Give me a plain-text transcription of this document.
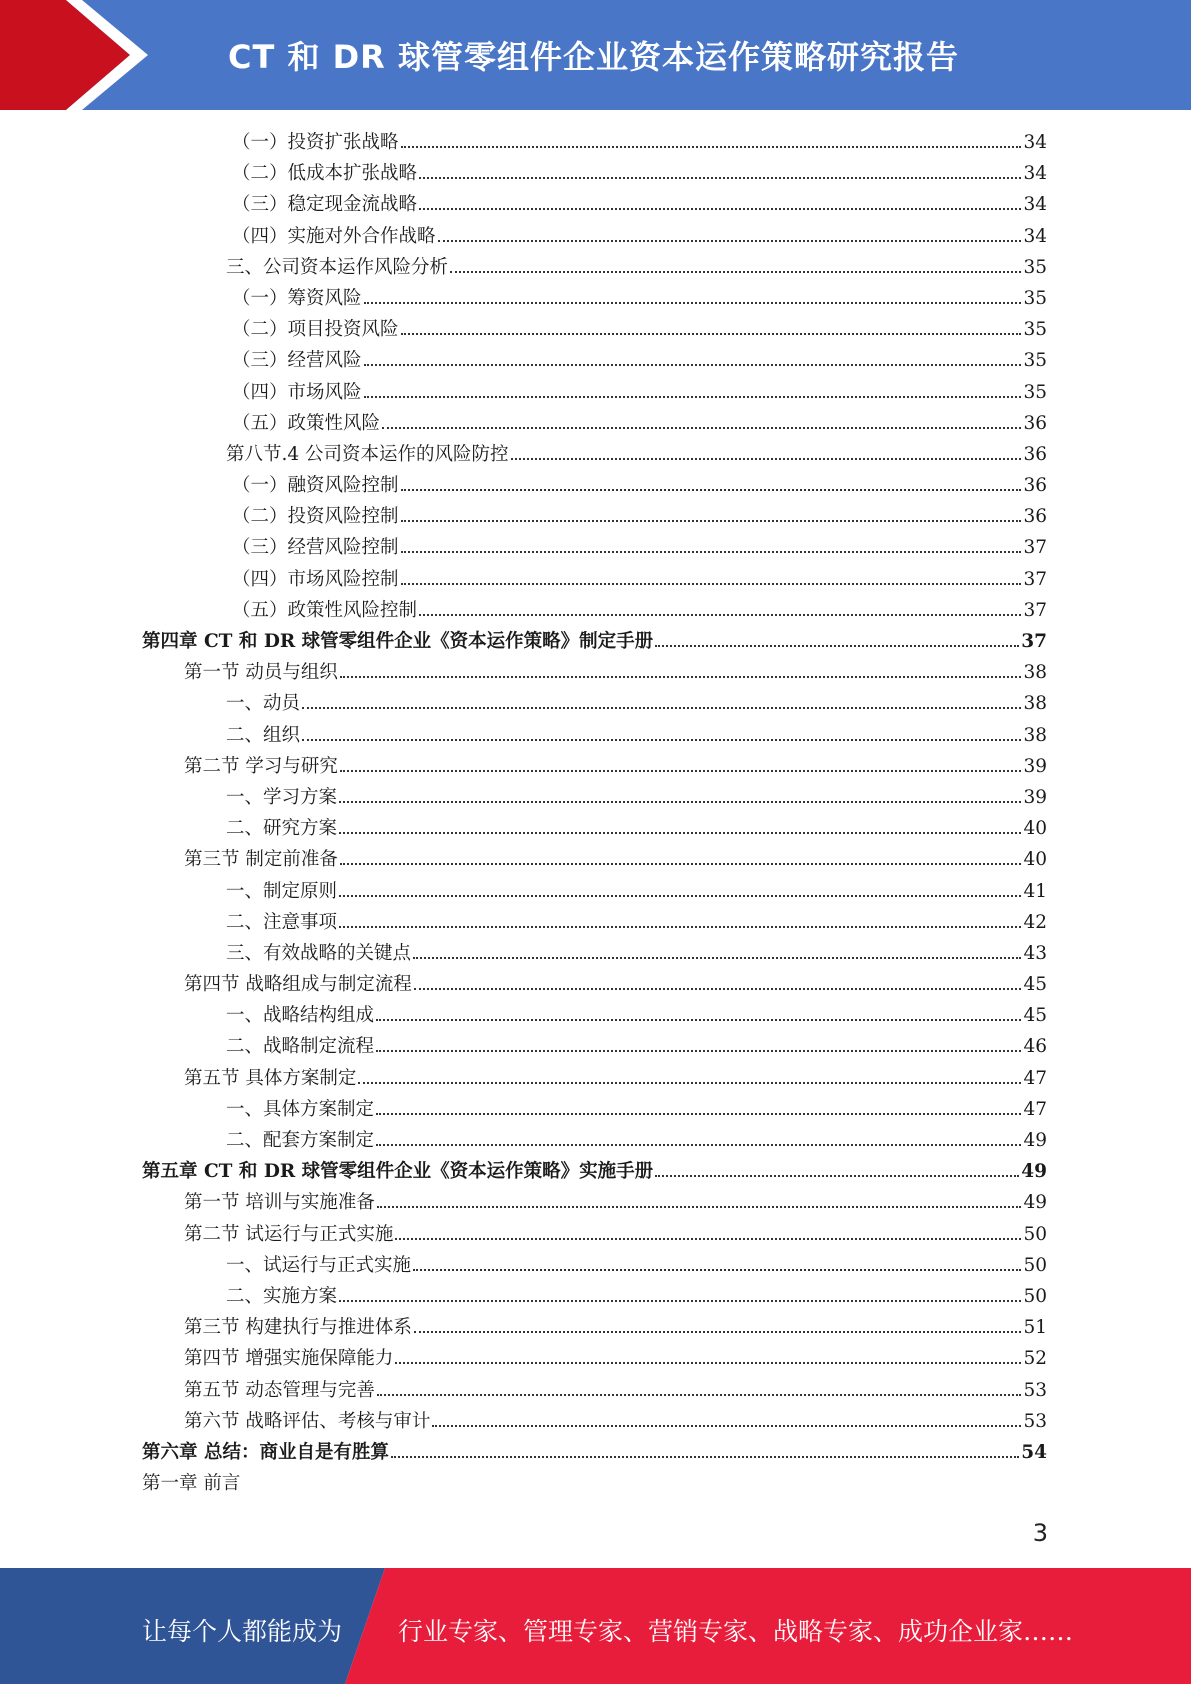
CT 和 DR 球管零组件企业资本运作策略研究报告
（一）投资扩张战略	34
（二）低成本扩张战略	34
（三）稳定现金流战略	34
（四）实施对外合作战略	34
三、公司资本运作风险分析	35
（一）筹资风险	35
（二）项目投资风险	35
（三）经营风险	35
（四）市场风险	35
（五）政策性风险	36
第八节.4 公司资本运作的风险防控	36
（一）融资风险控制	36
（二）投资风险控制	36
（三）经营风险控制	37
（四）市场风险控制	37
（五）政策性风险控制	37
第四章 CT 和 DR 球管零组件企业《资本运作策略》制定手册	37
第一节 动员与组织	38
一、动员	38
二、组织	38
第二节 学习与研究	39
一、学习方案	39
二、研究方案	40
第三节 制定前准备	40
一、制定原则	41
二、注意事项	42
三、有效战略的关键点	43
第四节 战略组成与制定流程	45
一、战略结构组成	45
二、战略制定流程	46
第五节 具体方案制定	47
一、具体方案制定	47
二、配套方案制定	49
第五章 CT 和 DR 球管零组件企业《资本运作策略》实施手册	49
第一节 培训与实施准备	49
第二节 试运行与正式实施	50
一、试运行与正式实施	50
二、实施方案	50
第三节 构建执行与推进体系	51
第四节 增强实施保障能力	52
第五节 动态管理与完善	53
第六节 战略评估、考核与审计	53
第六章 总结：商业自是有胜算	54
第一章 前言
3
让每个人都能成为 行业专家、管理专家、营销专家、战略专家、成功企业家……
